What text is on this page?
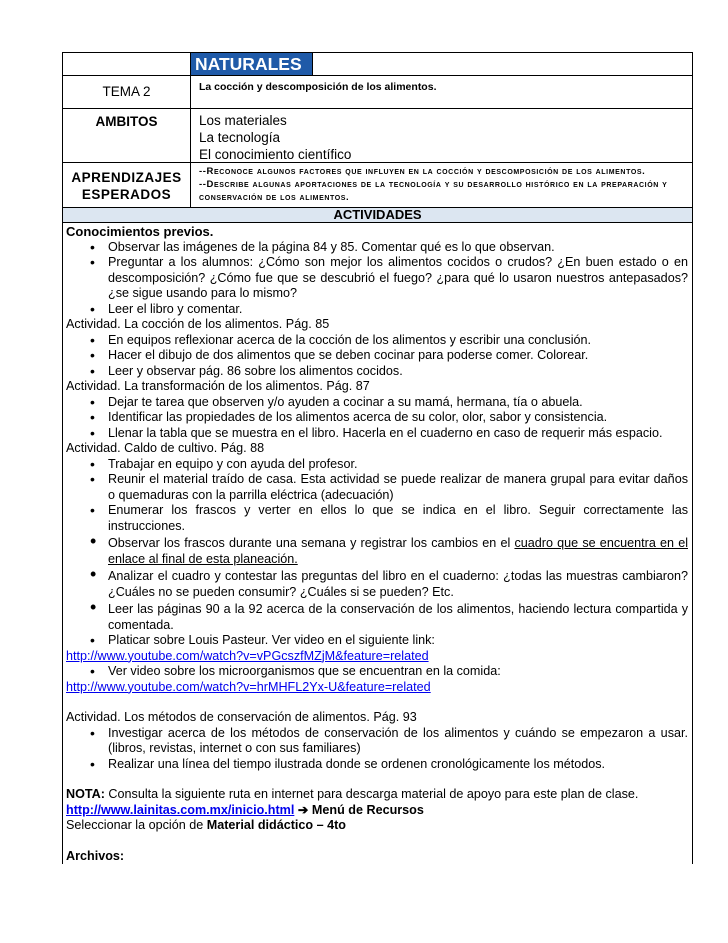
NATURALES
TEMA 2	La cocción y descomposición de los alimentos.
AMBITOS	Los materiales
La tecnología
El conocimiento científico
APRENDIZAJES
ESPERADOS
--Reconoce algunos factores que influyen en la cocción y descomposición de los alimentos.
--Describe algunas aportaciones de la tecnología y su desarrollo histórico en la preparación y conservación de los alimentos.
ACTIVIDADES

Conocimientos previos.

• Observar las imágenes de la página 84 y 85. Comentar qué es lo que observan.
• Preguntar a los alumnos: ¿Cómo son mejor los alimentos cocidos o crudos? ¿En buen estado o en descomposición? ¿Cómo fue que se descubrió el fuego? ¿para qué lo usaron nuestros antepasados? ¿se sigue usando para lo mismo?
• Leer el libro y comentar.

Actividad. La cocción de los alimentos. Pág. 85

• En equipos reflexionar acerca de la cocción de los alimentos y escribir una conclusión.
• Hacer el dibujo de dos alimentos que se deben cocinar para poderse comer. Colorear.
• Leer y observar pág. 86 sobre los alimentos cocidos.

Actividad. La transformación de los alimentos. Pág. 87

• Dejar te tarea que observen y/o ayuden a cocinar a su mamá, hermana, tía o abuela.
• Identificar las propiedades de los alimentos acerca de su color, olor, sabor y consistencia.
• Llenar la tabla que se muestra en el libro. Hacerla en el cuaderno en caso de requerir más espacio.

Actividad. Caldo de cultivo. Pág. 88

• Trabajar en equipo y con ayuda del profesor.
• Reunir el material traído de casa. Esta actividad se puede realizar de manera grupal para evitar daños o quemaduras con la parrilla eléctrica (adecuación)
• Enumerar los frascos y verter en ellos lo que se indica en el libro. Seguir correctamente las instrucciones.
• Observar los frascos durante una semana y registrar los cambios en el cuadro que se encuentra en el enlace al final de esta planeación.
• Analizar el cuadro y contestar las preguntas del libro en el cuaderno: ¿todas las muestras cambiaron? ¿Cuáles no se pueden consumir? ¿Cuáles si se pueden? Etc.
• Leer las páginas 90 a la 92 acerca de la conservación de los alimentos, haciendo lectura compartida y comentada.
• Platicar sobre Louis Pasteur. Ver video en el siguiente link:

http://www.youtube.com/watch?v=vPGcszfMZjM&feature=related

• Ver video sobre los microorganismos que se encuentran en la comida:

http://www.youtube.com/watch?v=hrMHFL2Yx-U&feature=related

Actividad. Los métodos de conservación de alimentos. Pág. 93

• Investigar acerca de los métodos de conservación de los alimentos y cuándo se empezaron a usar. (libros, revistas, internet o con sus familiares)
• Realizar una línea del tiempo ilustrada donde se ordenen cronológicamente los métodos.

NOTA: Consulta la siguiente ruta en internet para descarga material de apoyo para este plan de clase.

http://www.lainitas.com.mx/inicio.html ➔ Menú de Recursos

Seleccionar la opción de Material didáctico – 4to

Archivos:
